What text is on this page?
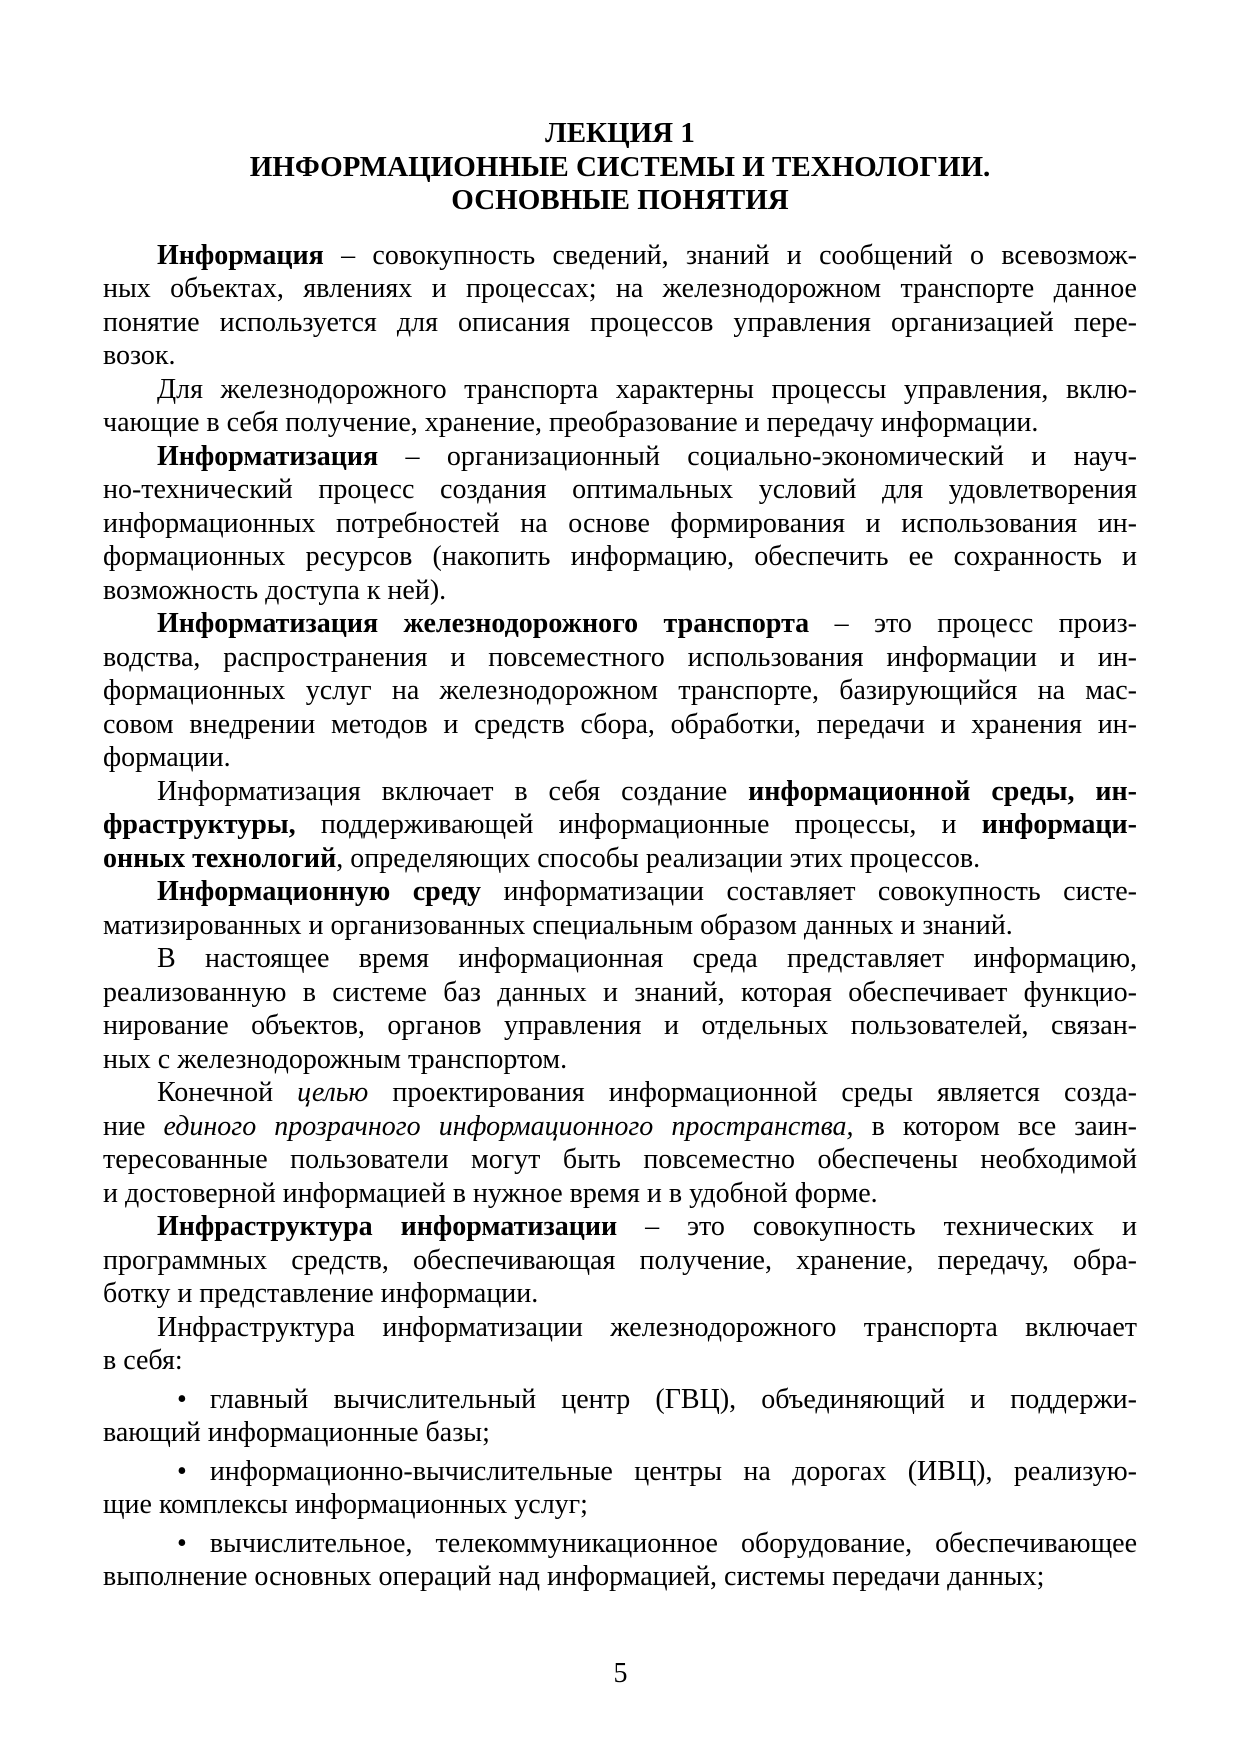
ЛЕКЦИЯ 1
ИНФОРМАЦИОННЫЕ СИСТЕМЫ И ТЕХНОЛОГИИ.
ОСНОВНЫЕ ПОНЯТИЯ
Информация – совокупность сведений, знаний и сообщений о всевозмож-
ных объектах, явлениях и процессах; на железнодорожном транспорте данное
понятие используется для описания процессов управления организацией пере-
возок.
Для железнодорожного транспорта характерны процессы управления, вклю-
чающие в себя получение, хранение, преобразование и передачу информации.
Информатизация – организационный социально-экономический и науч-
но-технический процесс создания оптимальных условий для удовлетворения
информационных потребностей на основе формирования и использования ин-
формационных ресурсов (накопить информацию, обеспечить ее сохранность и
возможность доступа к ней).
Информатизация железнодорожного транспорта – это процесс произ-
водства, распространения и повсеместного использования информации и ин-
формационных услуг на железнодорожном транспорте, базирующийся на мас-
совом внедрении методов и средств сбора, обработки, передачи и хранения ин-
формации.
Информатизация включает в себя создание информационной среды, ин-
фраструктуры, поддерживающей информационные процессы, и информаци-
онных технологий, определяющих способы реализации этих процессов.
Информационную среду информатизации составляет совокупность систе-
матизированных и организованных специальным образом данных и знаний.
В настоящее время информационная среда представляет информацию,
реализованную в системе баз данных и знаний, которая обеспечивает функцио-
нирование объектов, органов управления и отдельных пользователей, связан-
ных с железнодорожным транспортом.
Конечной целью проектирования информационной среды является созда-
ние единого прозрачного информационного пространства, в котором все заин-
тересованные пользователи могут быть повсеместно обеспечены необходимой
и достоверной информацией в нужное время и в удобной форме.
Инфраструктура информатизации – это совокупность технических и
программных средств, обеспечивающая получение, хранение, передачу, обра-
ботку и представление информации.
Инфраструктура информатизации железнодорожного транспорта включает
в себя:
• главный вычислительный центр (ГВЦ), объединяющий и поддержи-
вающий информационные базы;
• информационно-вычислительные центры на дорогах (ИВЦ), реализую-
щие комплексы информационных услуг;
• вычислительное, телекоммуникационное оборудование, обеспечивающее
выполнение основных операций над информацией, системы передачи данных;
5
